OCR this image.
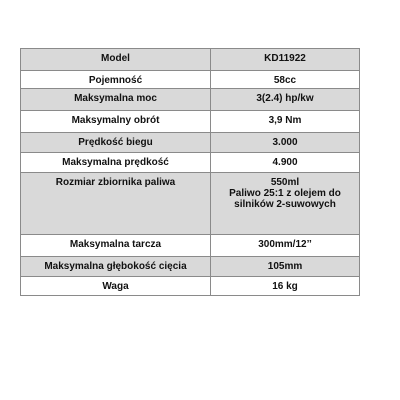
Model	KD11922
Pojemność	58cc
Maksymalna moc	3(2.4) hp/kw
Maksymalny obrót	3,9 Nm
Prędkość biegu	3.000
Maksymalna prędkość	4.900
Rozmiar zbiornika paliwa	550ml
Paliwo 25:1 z olejem do
silników 2-suwowych

Maksymalna tarcza	300mm/12’’
Maksymalna głębokość cięcia	105mm
Waga	16 kg
